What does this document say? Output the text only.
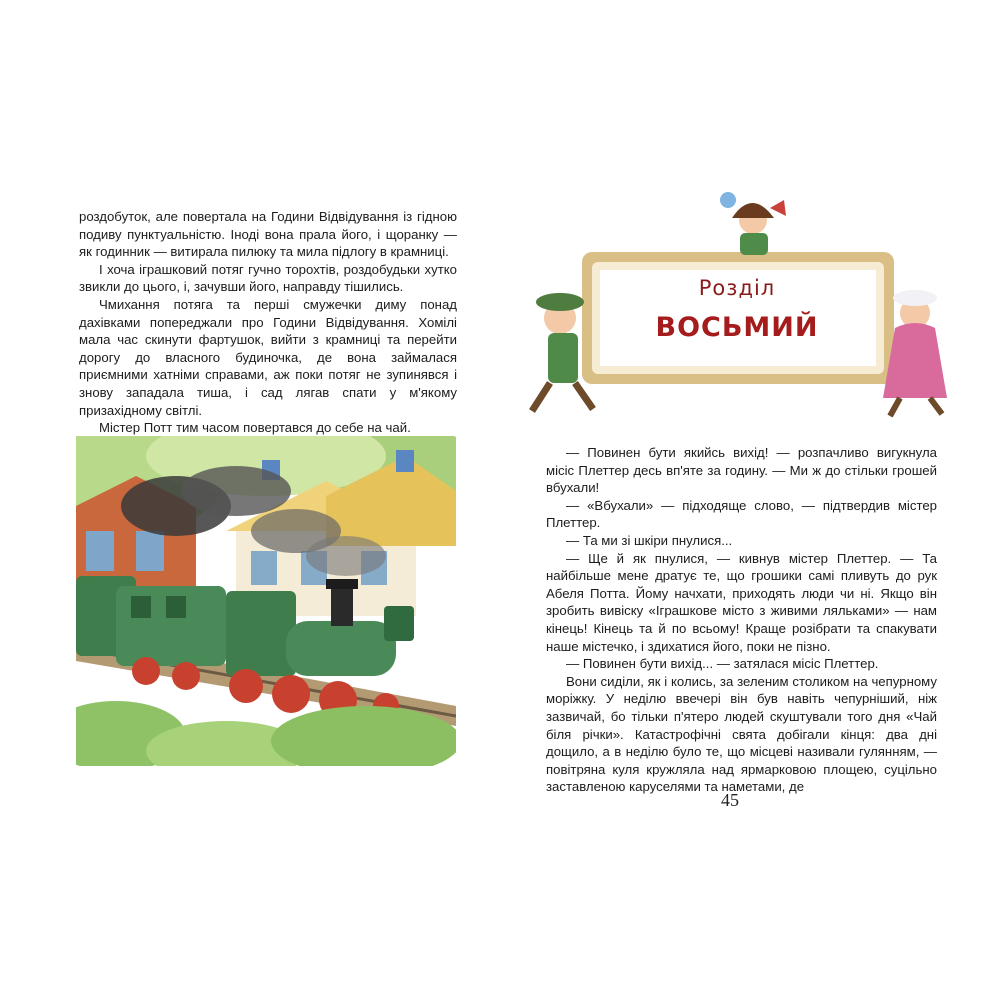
роздобуток, але повертала на Години Відвідування із гідною подиву пунктуальністю. Іноді вона прала його, і щоранку — як годинник — витирала пилюку та мила підлогу в крамниці.

І хоча іграшковий потяг гучно торохтів, роздобудьки хутко звикли до цього, і, зачувши його, направду тішились.

Чмихання потяга та перші смужечки диму понад дахівками попереджали про Години Відвідування. Хомілі мала час скинути фартушок, вийти з крамниці та перейти дорогу до власного будиночка, де вона займалася приємними хатніми справами, аж поки потяг не зупинявся і знову западала тиша, і сад лягав спати у м'якому призахідному світлі.

Містер Потт тим часом повертався до себе на чай.

Розділ
ВОСЬМИЙ

— Повинен бути якийсь вихід! — розпачливо вигукнула місіс Плеттер десь вп'яте за годину. — Ми ж до стільки грошей вбухали!

— «Вбухали» — підходяще слово, — підтвердив містер Плеттер.

— Та ми зі шкіри пнулися...

— Ще й як пнулися, — кивнув містер Плеттер. — Та найбільше мене дратує те, що грошики самі пливуть до рук Абеля Потта. Йому начхати, приходять люди чи ні. Якщо він зробить вивіску «Іграшкове місто з живими ляльками» — нам кінець! Кінець та й по всьому! Краще розібрати та спакувати наше містечко, і здихатися його, поки не пізно.

— Повинен бути вихід... — затялася місіс Плеттер.

Вони сиділи, як і колись, за зеленим столиком на чепурному моріжку. У неділю ввечері він був навіть чепурніший, ніж зазвичай, бо тільки п'ятеро людей скуштували того дня «Чай біля річки». Катастрофічні свята добігали кінця: два дні дощило, а в неділю було те, що місцеві називали гулянням, — повітряна куля кружляла над ярмарковою площею, суцільно заставленою каруселями та наметами, де

45
